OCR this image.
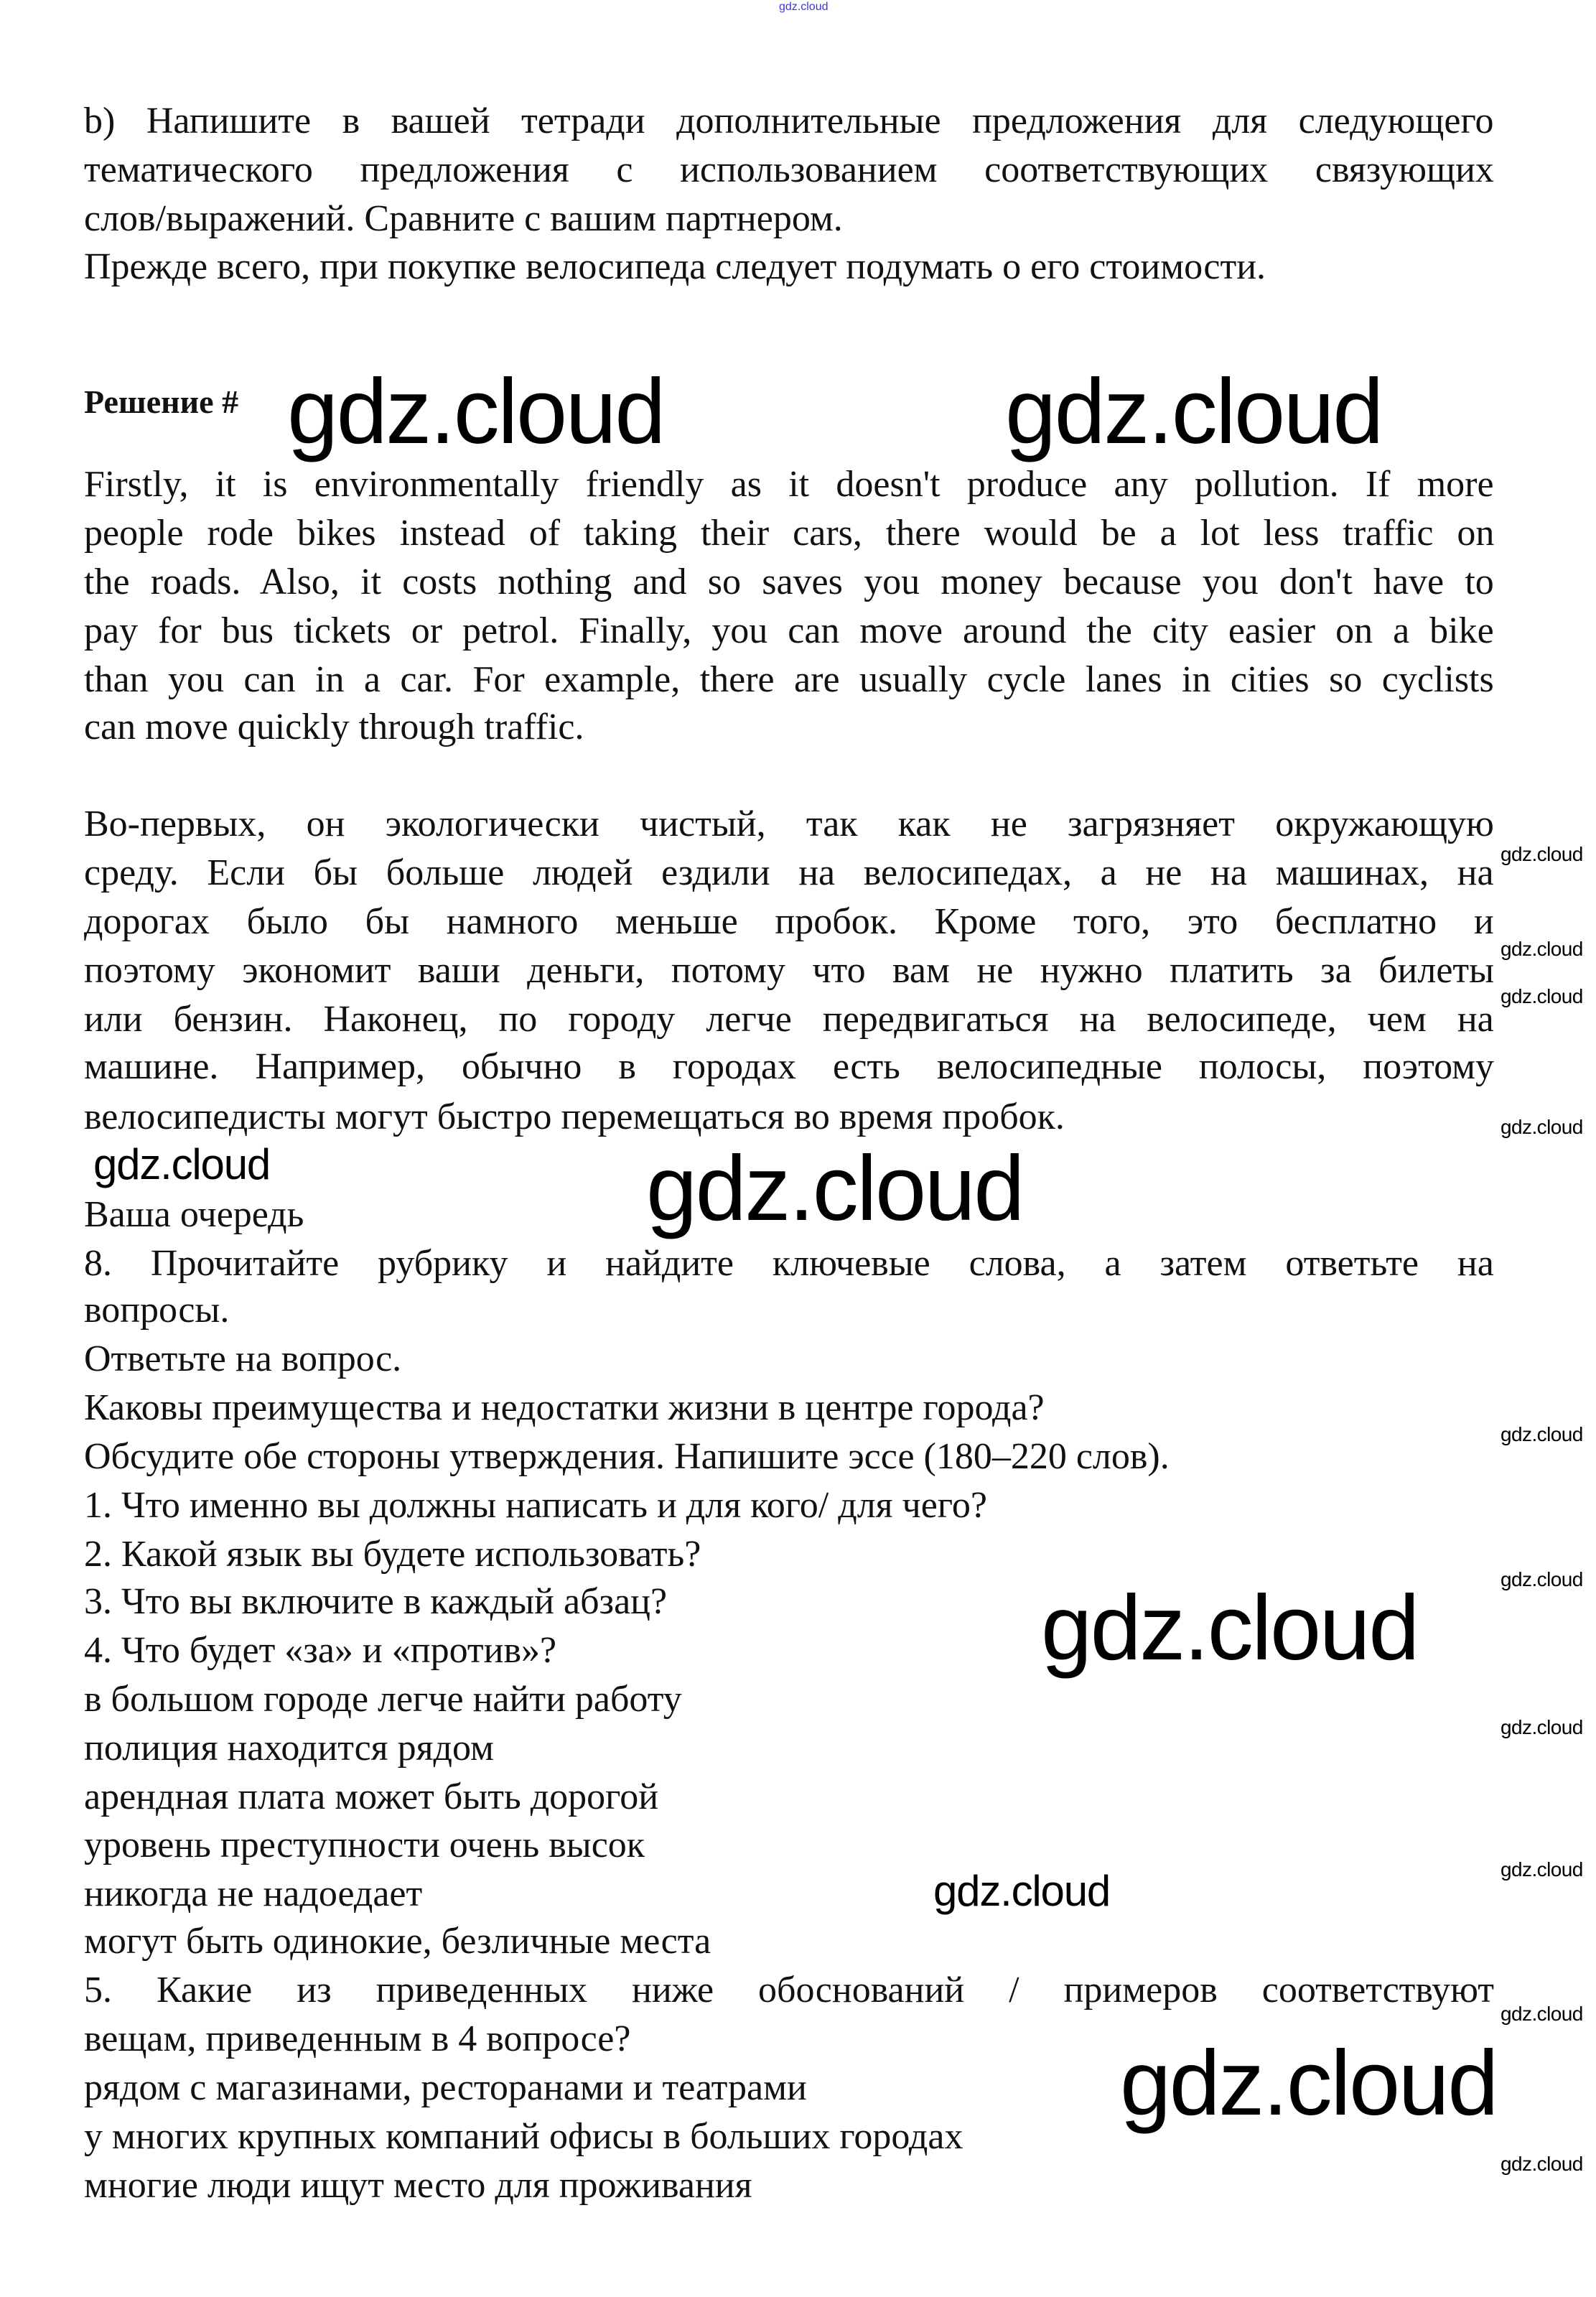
gdz.cloud
b) Напишите в вашей тетради дополнительные предложения для следующего
тематического предложения с использованием соответствующих связующих
слов/выражений. Сравните с вашим партнером.
Прежде всего, при покупке велосипеда следует подумать о его стоимости.
Firstly, it is environmentally friendly as it doesn't produce any pollution. If more
people rode bikes instead of taking their cars, there would be a lot less traffic on
the roads. Also, it costs nothing and so saves you money because you don't have to
pay for bus tickets or petrol. Finally, you can move around the city easier on a bike
than you can in a car. For example, there are usually cycle lanes in cities so cyclists
can move quickly through traffic.
Во-первых, он экологически чистый, так как не загрязняет окружающую
среду. Если бы больше людей ездили на велосипедах, а не на машинах, на
дорогах было бы намного меньше пробок. Кроме того, это бесплатно и
поэтому экономит ваши деньги, потому что вам не нужно платить за билеты
или бензин. Наконец, по городу легче передвигаться на велосипеде, чем на
машине. Например, обычно в городах есть велосипедные полосы, поэтому
велосипедисты могут быстро перемещаться во время пробок.
Ваша очередь
8. Прочитайте рубрику и найдите ключевые слова, а затем ответьте на
вопросы.
Ответьте на вопрос.
Каковы преимущества и недостатки жизни в центре города?
Обсудите обе стороны утверждения. Напишите эссе (180–220 слов).
1. Что именно вы должны написать и для кого/ для чего?
2. Какой язык вы будете использовать?
3. Что вы включите в каждый абзац?
4. Что будет «за» и «против»?
в большом городе легче найти работу
полиция находится рядом
арендная плата может быть дорогой
уровень преступности очень высок
никогда не надоедает
могут быть одинокие, безличные места
5. Какие из приведенных ниже обоснований / примеров соответствуют
вещам, приведенным в 4 вопросе?
рядом с магазинами, ресторанами и театрами
у многих крупных компаний офисы в больших городах
многие люди ищут место для проживания
Решение # gdz.cloud	gdz.cloud
gdz.cloud
gdz.cloud
gdz.cloud
gdz.cloud
gdz.cloud	gdz.cloud
gdz.cloud
gdz.cloud
gdz.cloud
gdz.cloud
gdz.cloud
gdz.cloud
gdz.cloud
gdz.cloud
gdz.cloud
